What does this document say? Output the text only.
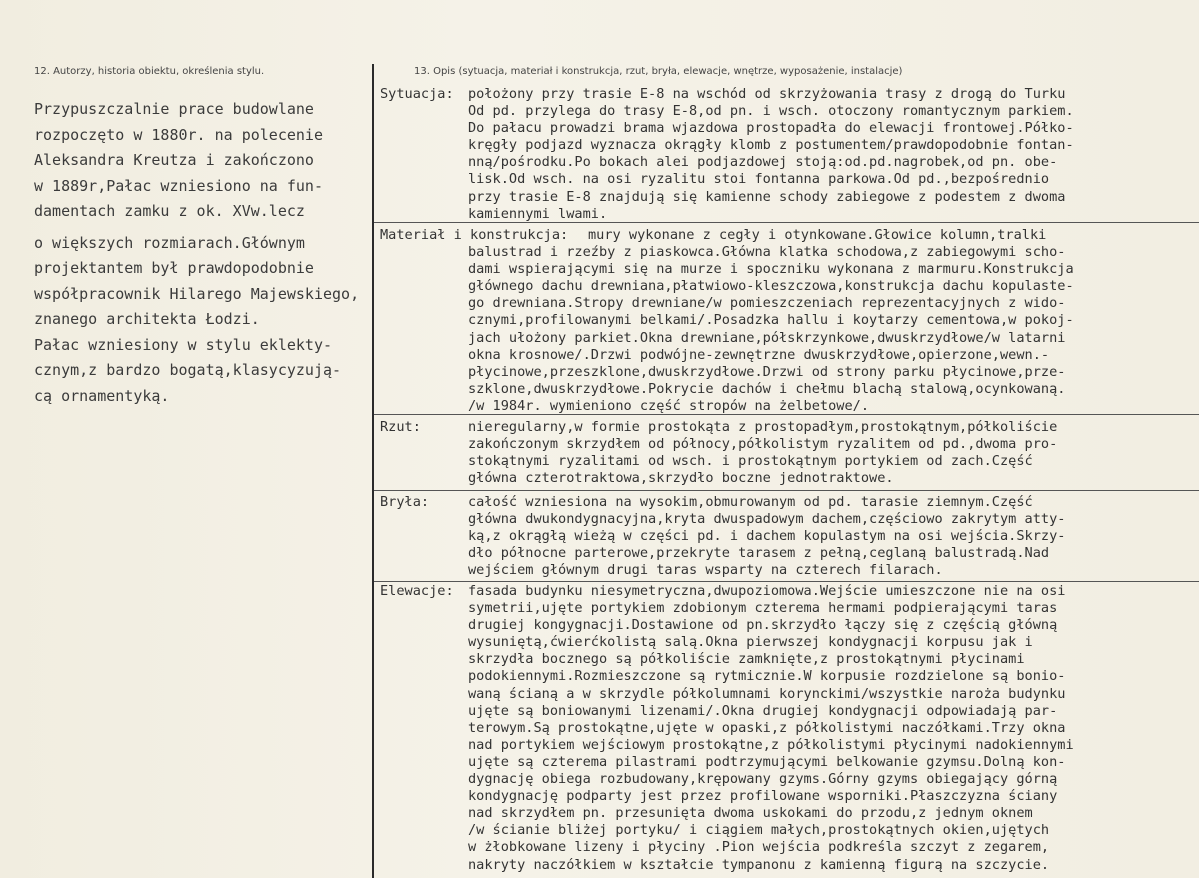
12. Autorzy, historia obiektu, określenia stylu.	13. Opis (sytuacja, materiał i konstrukcja, rzut, bryła, elewacje, wnętrze, wyposażenie, instalacje)

Przypuszczalnie prace budowlane

rozpoczęto w 1880r. na polecenie

Aleksandra Kreutza i zakończono

w 1889r,Pałac wzniesiono na fun-

damentach zamku z ok. XVw.lecz

o większych rozmiarach.Głównym

projektantem był prawdopodobnie

współpracownik Hilarego Majewskiego,

znanego architekta Łodzi.

Pałac wzniesiony w stylu eklekty-

cznym,z bardzo bogatą,klasycyzują-

cą ornamentyką.

Sytuacja: położony przy trasie E-8 na wschód od skrzyżowania trasy z drogą do Turku
Od pd. przylega do trasy E-8,od pn. i wsch. otoczony romantycznym parkiem.
Do pałacu prowadzi brama wjazdowa prostopadła do elewacji frontowej.Półko-
kręgły podjazd wyznacza okrągły klomb z postumentem/prawdopodobnie fontan-
nną/pośrodku.Po bokach alei podjazdowej stoją:od.pd.nagrobek,od pn. obe-
lisk.Od wsch. na osi ryzalitu stoi fontanna parkowa.Od pd.,bezpośrednio
przy trasie E-8 znajdują się kamienne schody zabiegowe z podestem z dwoma
kamiennymi lwami.
Materiał i konstrukcja: mury wykonane z cegły i otynkowane.Głowice kolumn,tralki
balustrad i rzeźby z piaskowca.Główna klatka schodowa,z zabiegowymi scho-
dami wspierającymi się na murze i spoczniku wykonana z marmuru.Konstrukcja
głównego dachu drewniana,płatwiowo-kleszczowa,konstrukcja dachu kopulaste-
go drewniana.Stropy drewniane/w pomieszczeniach reprezentacyjnych z wido-
cznymi,profilowanymi belkami/.Posadzka hallu i koytarzy cementowa,w pokoj-
jach ułożony parkiet.Okna drewniane,półskrzynkowe,dwuskrzydłowe/w latarni
okna krosnowe/.Drzwi podwójne-zewnętrzne dwuskrzydłowe,opierzone,wewn.-
płycinowe,przeszklone,dwuskrzydłowe.Drzwi od strony parku płycinowe,prze-
szklone,dwuskrzydłowe.Pokrycie dachów i chełmu blachą stalową,ocynkowaną.
/w 1984r. wymieniono część stropów na żelbetowe/.
Rzut:	nieregularny,w formie prostokąta z prostopadłym,prostokątnym,półkoliście
zakończonym skrzydłem od północy,półkolistym ryzalitem od pd.,dwoma pro-
stokątnymi ryzalitami od wsch. i prostokątnym portykiem od zach.Część
główna czterotraktowa,skrzydło boczne jednotraktowe.
Bryła:	całość wzniesiona na wysokim,obmurowanym od pd. tarasie ziemnym.Część
główna dwukondygnacyjna,kryta dwuspadowym dachem,częściowo zakrytym atty-
ką,z okrągłą wieżą w części pd. i dachem kopulastym na osi wejścia.Skrzy-
dło północne parterowe,przekryte tarasem z pełną,ceglaną balustradą.Nad
wejściem głównym drugi taras wsparty na czterech filarach.
Elewacje: fasada budynku niesymetryczna,dwupoziomowa.Wejście umieszczone nie na osi
symetrii,ujęte portykiem zdobionym czterema hermami podpierającymi taras
drugiej kongygnacji.Dostawione od pn.skrzydło łączy się z częścią główną
wysuniętą,ćwierćkolistą salą.Okna pierwszej kondygnacji korpusu jak i
skrzydła bocznego są półkoliście zamknięte,z prostokątnymi płycinami
podokiennymi.Rozmieszczone są rytmicznie.W korpusie rozdzielone są bonio-
waną ścianą a w skrzydle półkolumnami korynckimi/wszystkie naroża budynku
ujęte są boniowanymi lizenami/.Okna drugiej kondygnacji odpowiadają par-
terowym.Są prostokątne,ujęte w opaski,z półkolistymi naczółkami.Trzy okna
nad portykiem wejściowym prostokątne,z półkolistymi płycinymi nadokiennymi
ujęte są czterema pilastrami podtrzymującymi belkowanie gzymsu.Dolną kon-
dygnację obiega rozbudowany,krępowany gzyms.Górny gzyms obiegający górną
kondygnację podparty jest przez profilowane wsporniki.Płaszczyzna ściany
nad skrzydłem pn. przesunięta dwoma uskokami do przodu,z jednym oknem
/w ścianie bliżej portyku/ i ciągiem małych,prostokątnych okien,ujętych
w żłobkowane lizeny i płyciny .Pion wejścia podkreśla szczyt z zegarem,
nakryty naczółkiem w kształcie tympanonu z kamienną figurą na szczycie.
